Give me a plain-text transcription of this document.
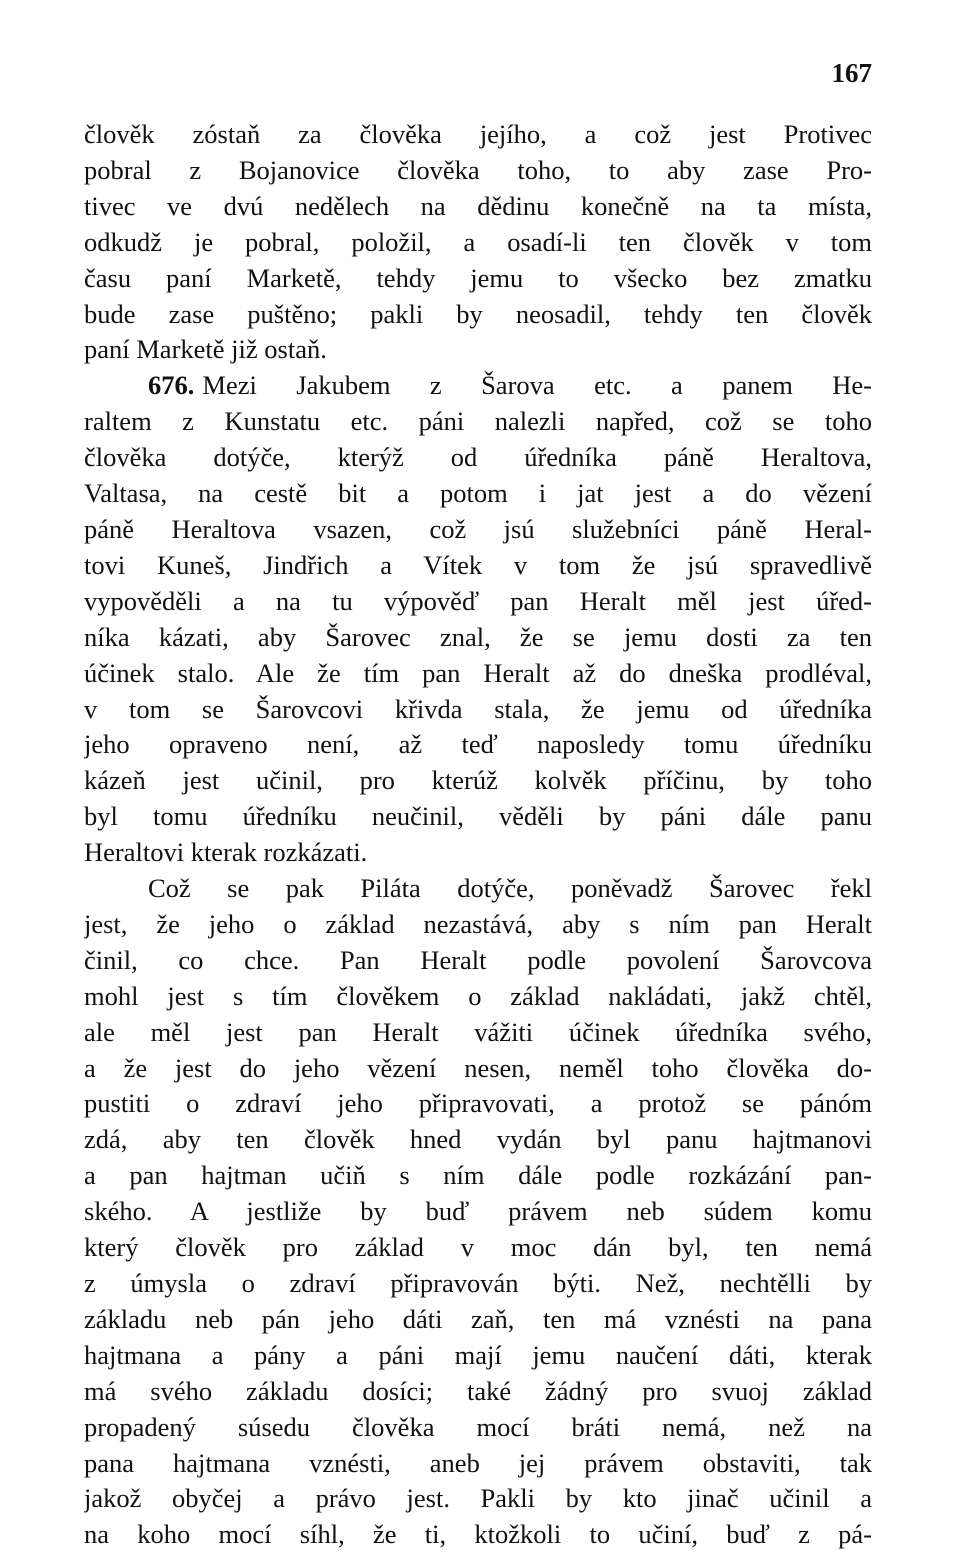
167
člověk zóstaň za člověka jejího, a což jest Protivec
pobral z Bojanovice člověka toho, to aby zase Pro-
tivec ve dvú nedělech na dědinu konečně na ta místa,
odkudž je pobral, položil, a osadí-li ten člověk v tom
času paní Marketě, tehdy jemu to všecko bez zmatku
bude zase puštěno; pakli by neosadil, tehdy ten člověk
paní Marketě již ostaň.
676. Mezi Jakubem z Šarova etc. a panem He-
raltem z Kunstatu etc. páni nalezli napřed, což se toho
člověka dotýče, kterýž od úředníka páně Heraltova,
Valtasa, na cestě bit a potom i jat jest a do vězení
páně Heraltova vsazen, což jsú služebníci páně Heral-
tovi Kuneš, Jindřich a Vítek v tom že jsú spravedlivě
vypověděli a na tu výpověď pan Heralt měl jest úřed-
níka kázati, aby Šarovec znal, že se jemu dosti za ten
účinek stalo. Ale že tím pan Heralt až do dneška prodléval,
v tom se Šarovcovi křivda stala, že jemu od úředníka
jeho opraveno není, až teď naposledy tomu úředníku
kázeň jest učinil, pro kterúž kolvěk příčinu, by toho
byl tomu úředníku neučinil, věděli by páni dále panu
Heraltovi kterak rozkázati.
Což se pak Piláta dotýče, poněvadž Šarovec řekl
jest, že jeho o základ nezastává, aby s ním pan Heralt
činil, co chce. Pan Heralt podle povolení Šarovcova
mohl jest s tím člověkem o základ nakládati, jakž chtěl,
ale měl jest pan Heralt vážiti účinek úředníka svého,
a že jest do jeho vězení nesen, neměl toho člověka do-
pustiti o zdraví jeho připravovati, a protož se pánóm
zdá, aby ten člověk hned vydán byl panu hajtmanovi
a pan hajtman učiň s ním dále podle rozkázání pan-
ského. A jestliže by buď právem neb súdem komu
který člověk pro základ v moc dán byl, ten nemá
z úmysla o zdraví připravován býti. Než, nechtělli by
základu neb pán jeho dáti zaň, ten má vznésti na pana
hajtmana a pány a páni mají jemu naučení dáti, kterak
má svého základu dosíci; také žádný pro svuoj základ
propadený súsedu člověka mocí bráti nemá, než na
pana hajtmana vznésti, aneb jej právem obstaviti, tak
jakož obyčej a právo jest. Pakli by kto jinač učinil a
na koho mocí síhl, že ti, ktožkoli to učiní, buď z pá-
